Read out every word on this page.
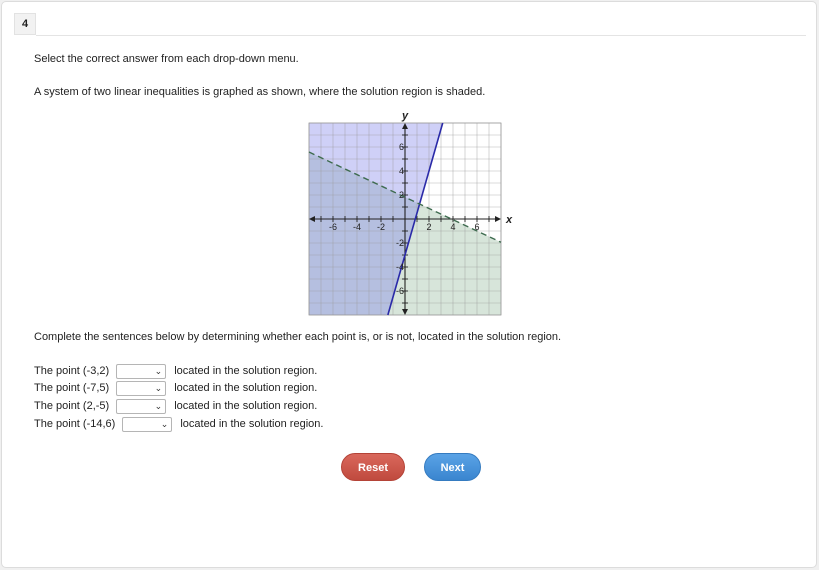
4
Select the correct answer from each drop-down menu.
A system of two linear inequalities is graphed as shown, where the solution region is shaded.
-6 -4 -2	2 4 6
6
4
2
-2
-4
-6
x
y
Complete the sentences below by determining whether each point is, or is not, located in the solution region.
The point (-3,2)	⌄ located in the solution region.
The point (-7,5)	⌄ located in the solution region.
The point (2,-5)	⌄ located in the solution region.
The point (-14,6)	⌄ located in the solution region.
Reset	Next
